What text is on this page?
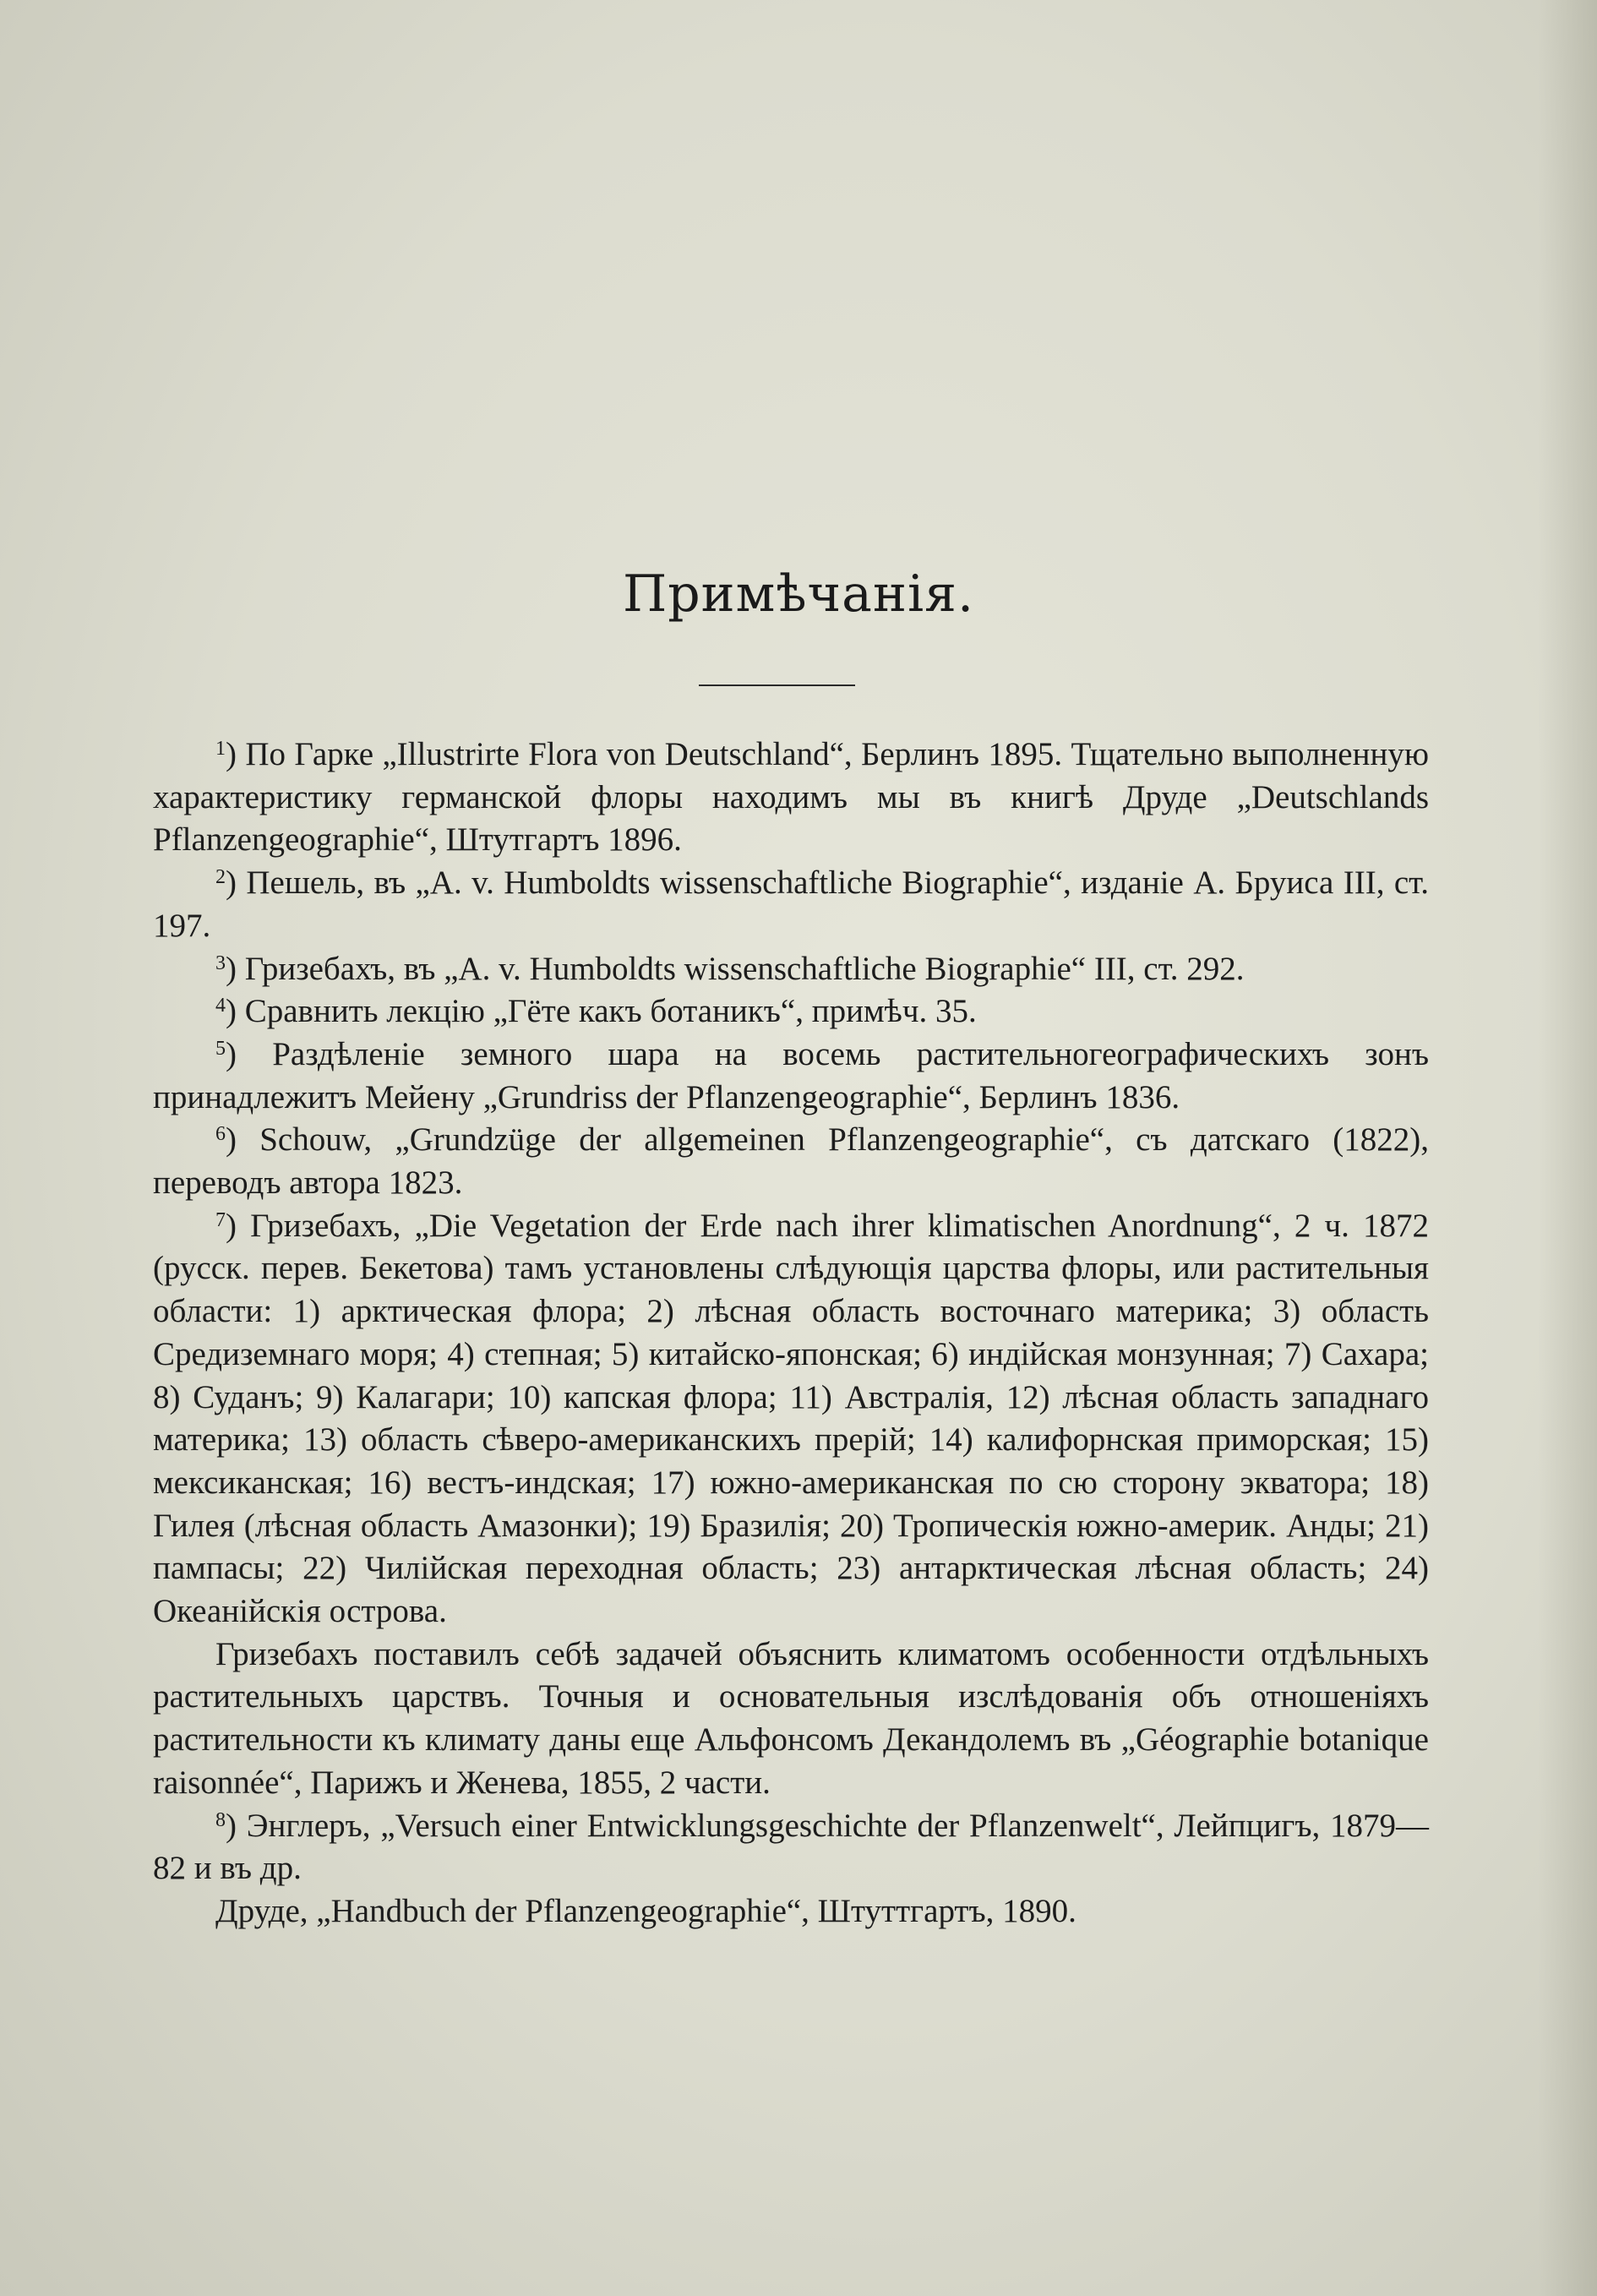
Примѣчанія.

$^1$) По Гарке „Illustrirte Flora von Deutschland“, Берлинъ 1895. Тщательно выполненную характеристику германской флоры находимъ мы въ книгѣ Друде „Deutschlands Pflanzengeographie“, Штутгартъ 1896.

$^2$) Пешель, въ „A. v. Humboldts wissenschaftliche Biographie“, изданіе А. Бруиса III, ст. 197.

$^3$) Гризебахъ, въ „A. v. Humboldts wissenschaftliche Biographie“ III, ст. 292.

$^4$) Сравнить лекцію „Гёте какъ ботаникъ“, примѣч. 35.

$^5$) Раздѣленіе земного шара на восемь растительногеографическихъ зонъ принадлежитъ Мейену „Grundriss der Pflanzengeographie“, Берлинъ 1836.

$^6$) Schouw, „Grundzüge der allgemeinen Pflanzengeographie“, съ датскаго (1822), переводъ автора 1823.

$^7$) Гризебахъ, „Die Vegetation der Erde nach ihrer klimatischen Anordnung“, 2 ч. 1872 (русск. перев. Бекетова) тамъ установлены слѣдующія царства флоры, или растительныя области: 1) арктическая флора; 2) лѣсная область восточнаго материка; 3) область Средиземнаго моря; 4) степная; 5) китайско-японская; 6) индійская монзунная; 7) Сахара; 8) Суданъ; 9) Калагари; 10) капская флора; 11) Австралія, 12) лѣсная область западнаго материка; 13) область сѣверо-американскихъ прерій; 14) калифорнская приморская; 15) мексиканская; 16) вестъ-индская; 17) южно-американская по сю сторону экватора; 18) Гилея (лѣсная область Амазонки); 19) Бразилія; 20) Тропическія южно-америк. Анды; 21) пампасы; 22) Чилійская переходная область; 23) антарктическая лѣсная область; 24) Океанійскія острова.

Гризебахъ поставилъ себѣ задачей объяснить климатомъ особенности отдѣльныхъ растительныхъ царствъ. Точныя и основательныя изслѣдованія объ отношеніяхъ растительности къ климату даны еще Альфонсомъ Декандолемъ въ „Géographie botanique raisonnée“, Парижъ и Женева, 1855, 2 части.

$^8$) Энглеръ, „Versuch einer Entwicklungsgeschichte der Pflanzenwelt“, Лейпцигъ, 1879—82 и въ др.

Друде, „Handbuch der Pflanzengeographie“, Штуттгартъ, 1890.
